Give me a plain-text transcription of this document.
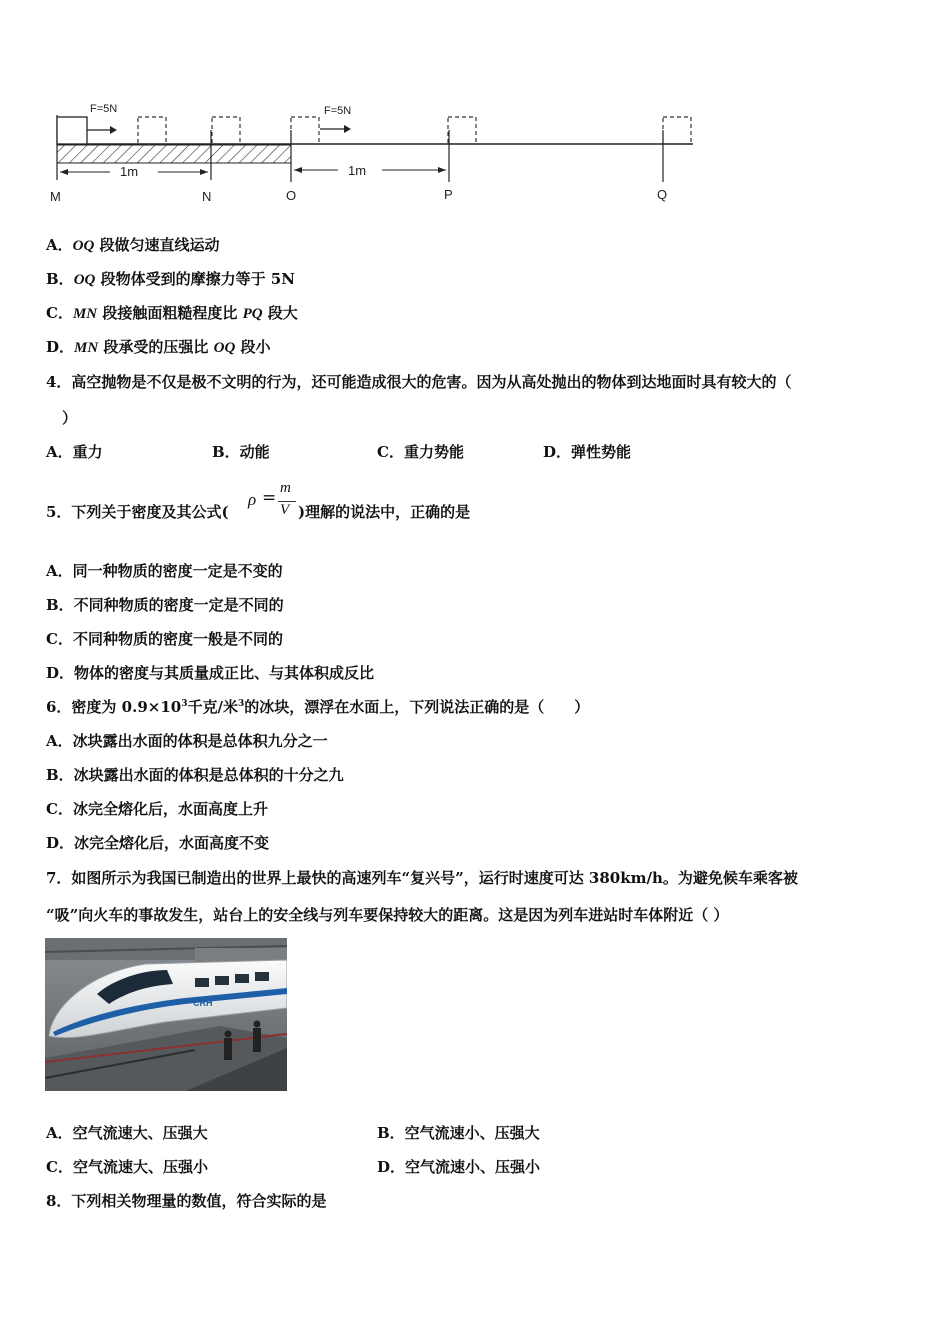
F=5N	F=5N
1m	1m
M	N	O	P	Q
A．OQ 段做匀速直线运动
B．OQ 段物体受到的摩擦力等于 5N
C．MN 段接触面粗糙程度比 PQ 段大
D．MN 段承受的压强比 OQ 段小
4．高空抛物是不仅是极不文明的行为，还可能造成很大的危害。因为从高处抛出的物体到达地面时具有较大的（
）
A．重力	B．动能	C．重力势能	D．弹性势能
5．下列关于密度及其公式(
ρ = m
V )理解的说法中，正确的是
A．同一种物质的密度一定是不变的
B．不同种物质的密度一定是不同的
C．不同种物质的密度一般是不同的
D．物体的密度与其质量成正比、与其体积成反比
6．密度为 $0.9\times 10^3$千克/米$^3$的冰块，漂浮在水面上，下列说法正确的是（　　）
A．冰块露出水面的体积是总体积九分之一
B．冰块露出水面的体积是总体积的十分之九
C．冰完全熔化后，水面高度上升
D．冰完全熔化后，水面高度不变
7．如图所示为我国已制造出的世界上最快的高速列车“复兴号”，运行时速度可达 380km/h。为避免候车乘客被
“吸”向火车的事故发生，站台上的安全线与列车要保持较大的距离。这是因为列车进站时车体附近（ ）
CRH
A．空气流速大、压强大	B．空气流速小、压强大
C．空气流速大、压强小	D．空气流速小、压强小
8．下列相关物理量的数值，符合实际的是
